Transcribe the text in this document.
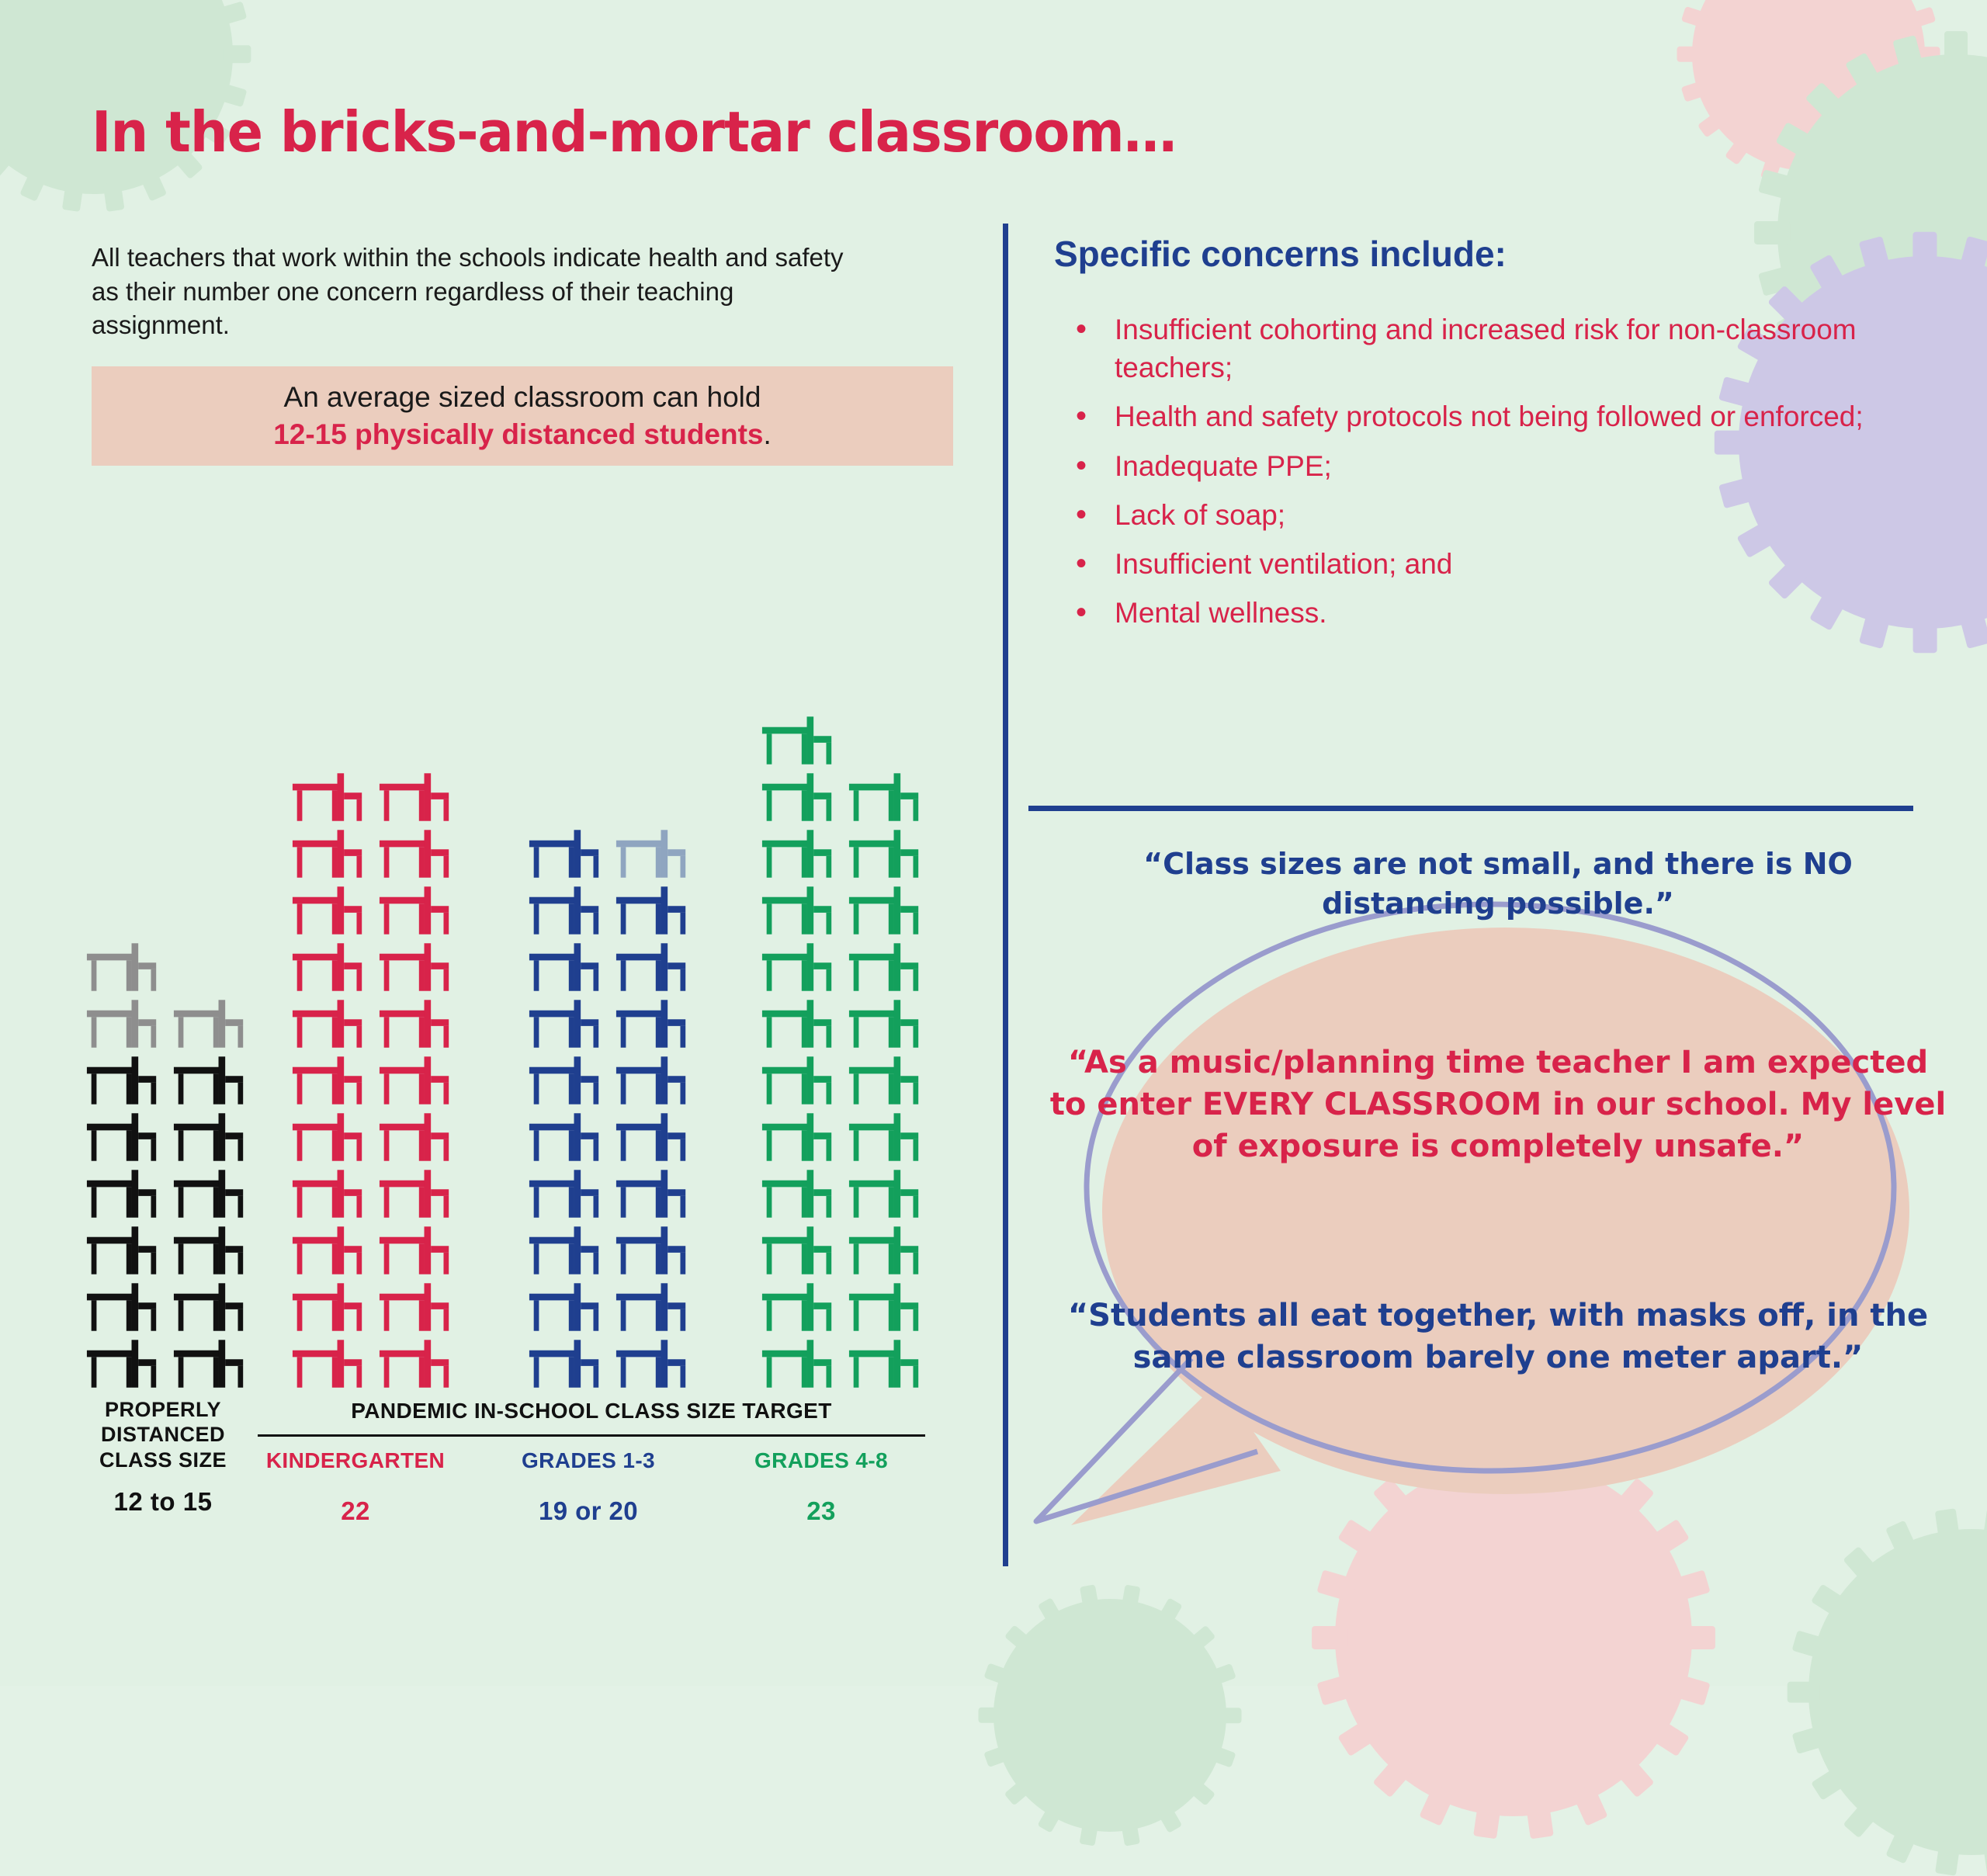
In the bricks-and-mortar classroom…
All teachers that work within the schools indicate health and safety as their number one concern regardless of their teaching assignment.
An average sized classroom can hold
12-15 physically distanced students.
Specific concerns include:
• Insufficient cohorting and increased risk for non-classroom teachers;
• Health and safety protocols not being followed or enforced;
• Inadequate PPE;
• Lack of soap;
• Insufficient ventilation; and
• Mental wellness.
“Class sizes are not small, and there is NO distancing possible.”
“As a music/planning time teacher I am expected to enter EVERY CLASSROOM in our school. My level of exposure is completely unsafe.”
“Students all eat together, with masks off, in the same classroom barely one meter apart.”
PROPERLY
DISTANCED
CLASS SIZE
12 to 15
PANDEMIC IN-SCHOOL CLASS SIZE TARGET
KINDERGARTEN
22
GRADES 1-3
19 or 20
GRADES 4-8
23
